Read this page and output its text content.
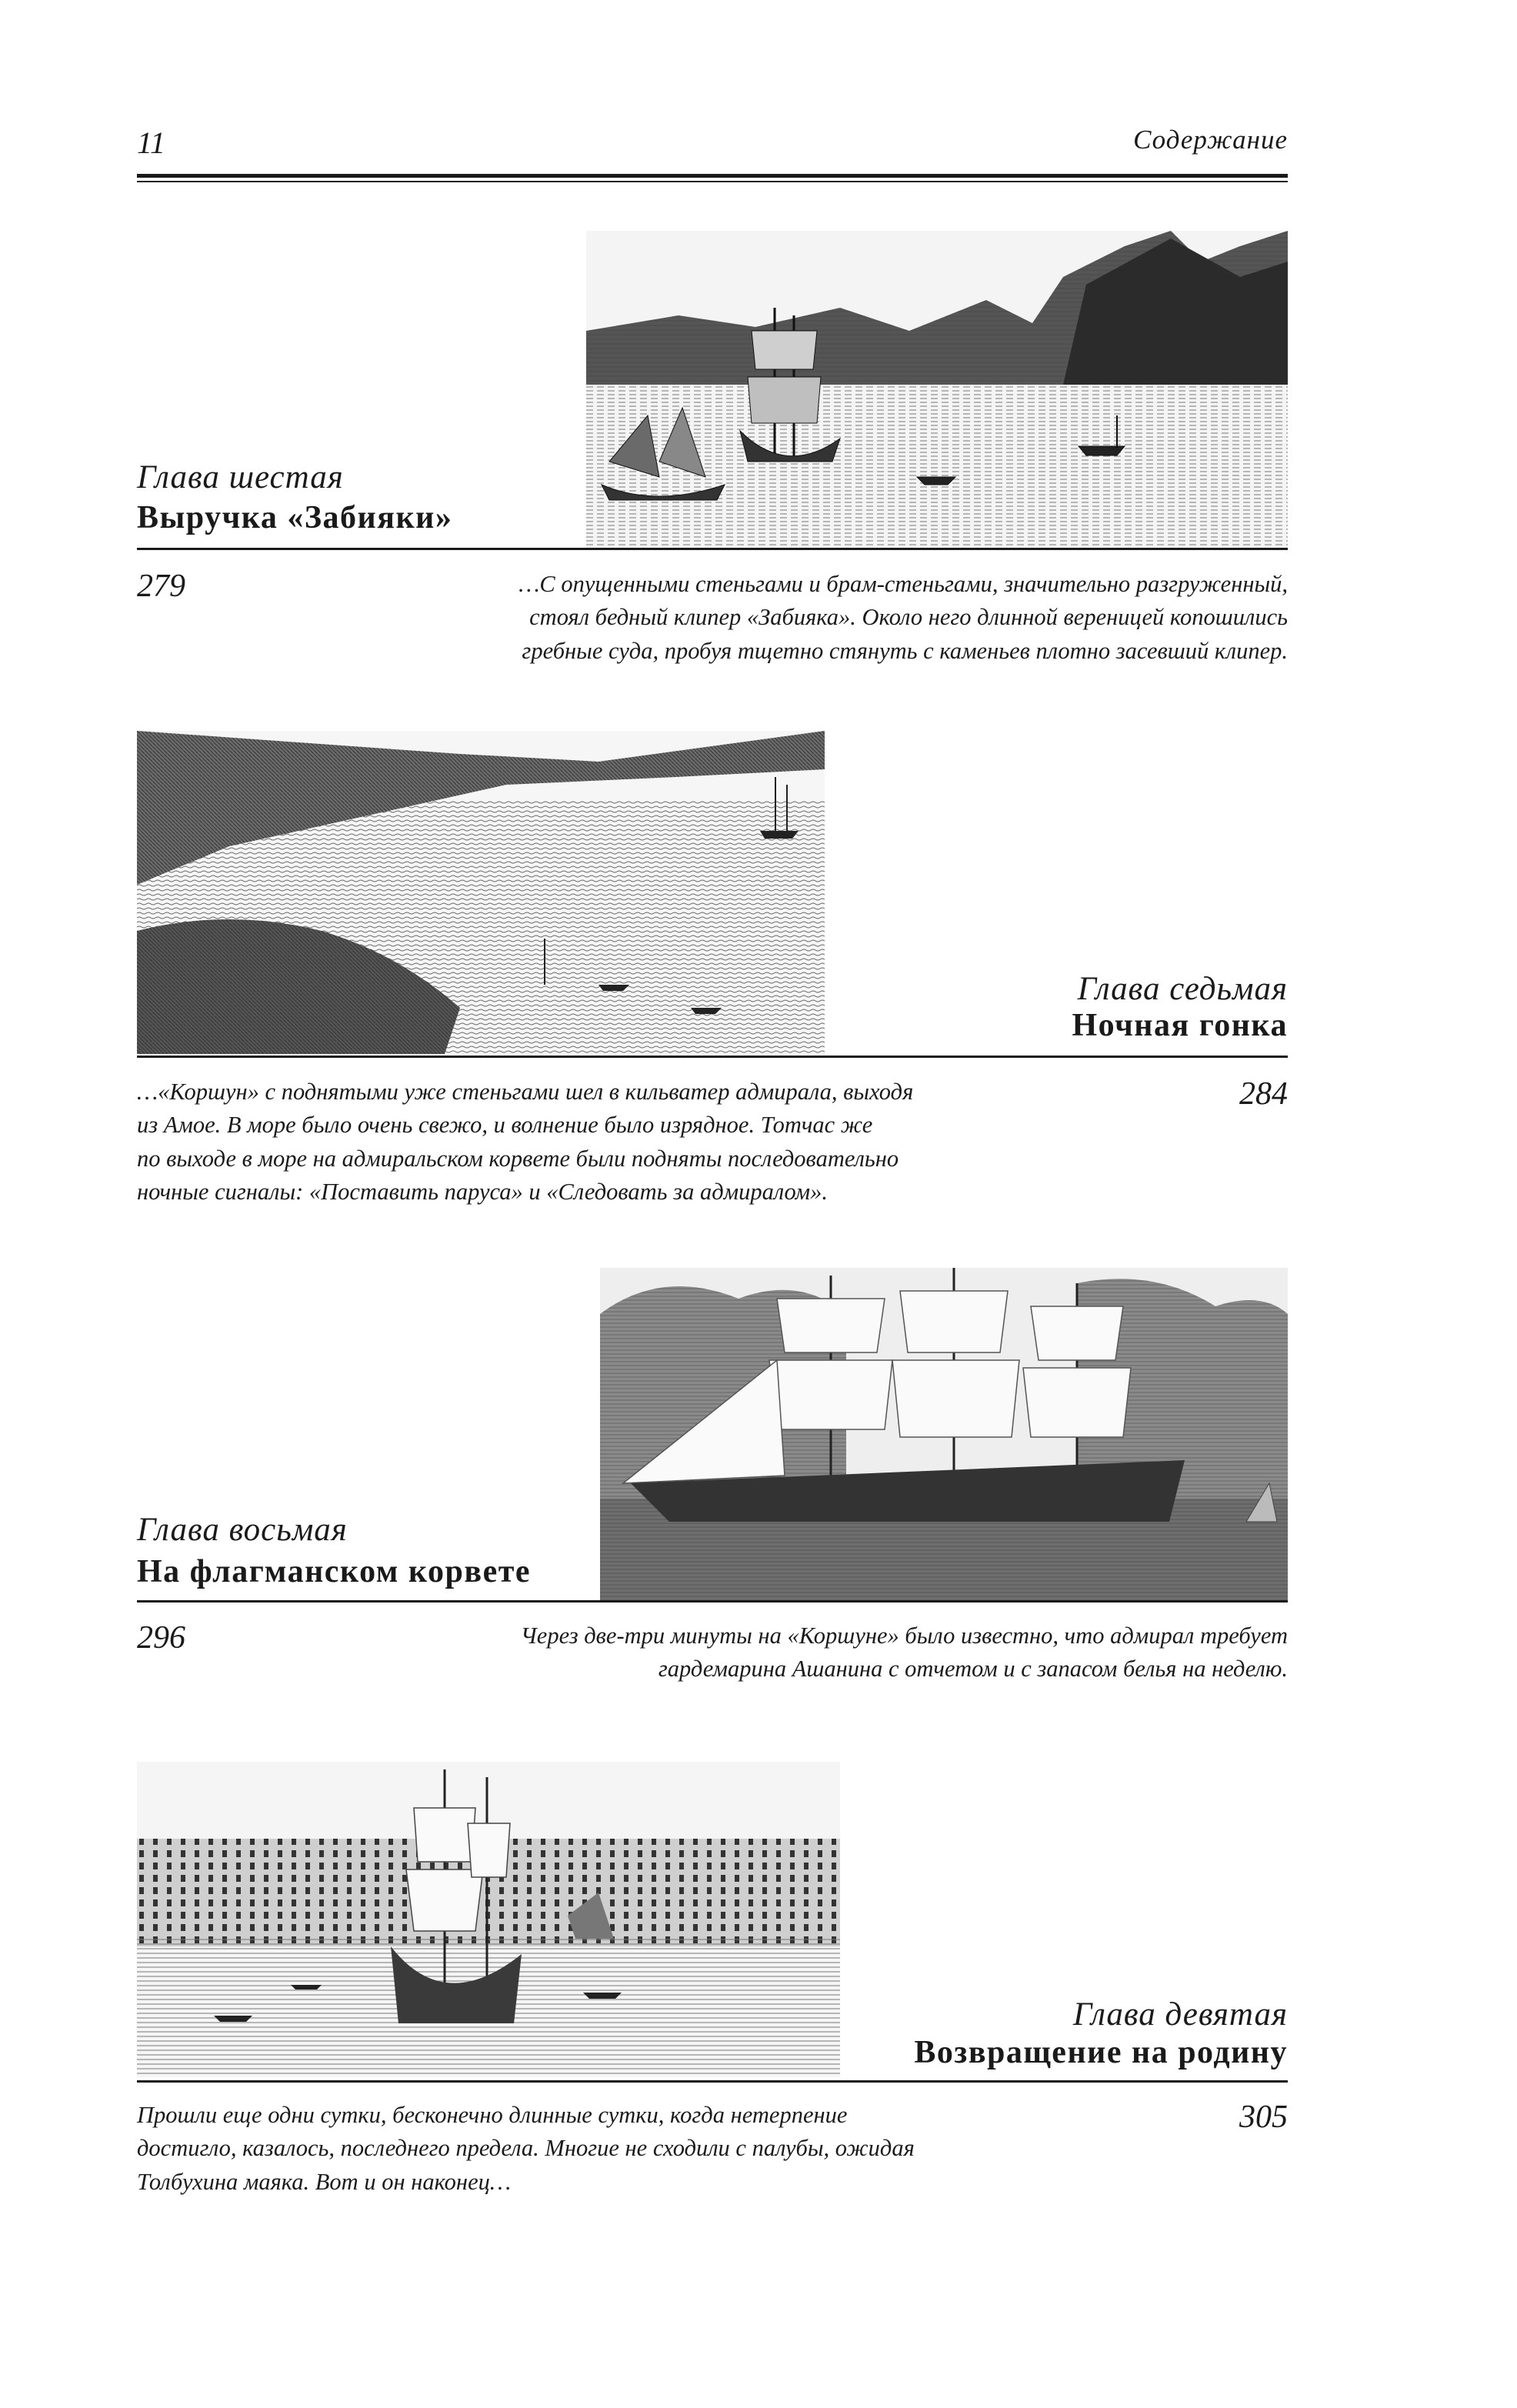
11	Содержание
Глава шестая
Выручка «Забияки»
279	…С опущенными стеньгами и брам-стеньгами, значительно разгруженный,
стоял бедный клипер «Забияка». Около него длинной вереницей копошились
гребные суда, пробуя тщетно стянуть с каменьев плотно засевший клипер.
Глава седьмая
Ночная гонка
…«Коршун» с поднятыми уже стеньгами шел в кильватер адмирала, выходя
из Амое. В море было очень свежо, и волнение было изрядное. Тотчас же
по выходе в море на адмиральском корвете были подняты последовательно
ночные сигналы: «Поставить паруса» и «Следовать за адмиралом».
284
Глава восьмая
На флагманском корвете
296	Через две-три минуты на «Коршуне» было известно, что адмирал требует
гардемарина Ашанина с отчетом и с запасом белья на неделю.
Глава девятая
Возвращение на родину
Прошли еще одни сутки, бесконечно длинные сутки, когда нетерпение
достигло, казалось, последнего предела. Многие не сходили с палубы, ожидая
Толбухина маяка. Вот и он наконец…
305
